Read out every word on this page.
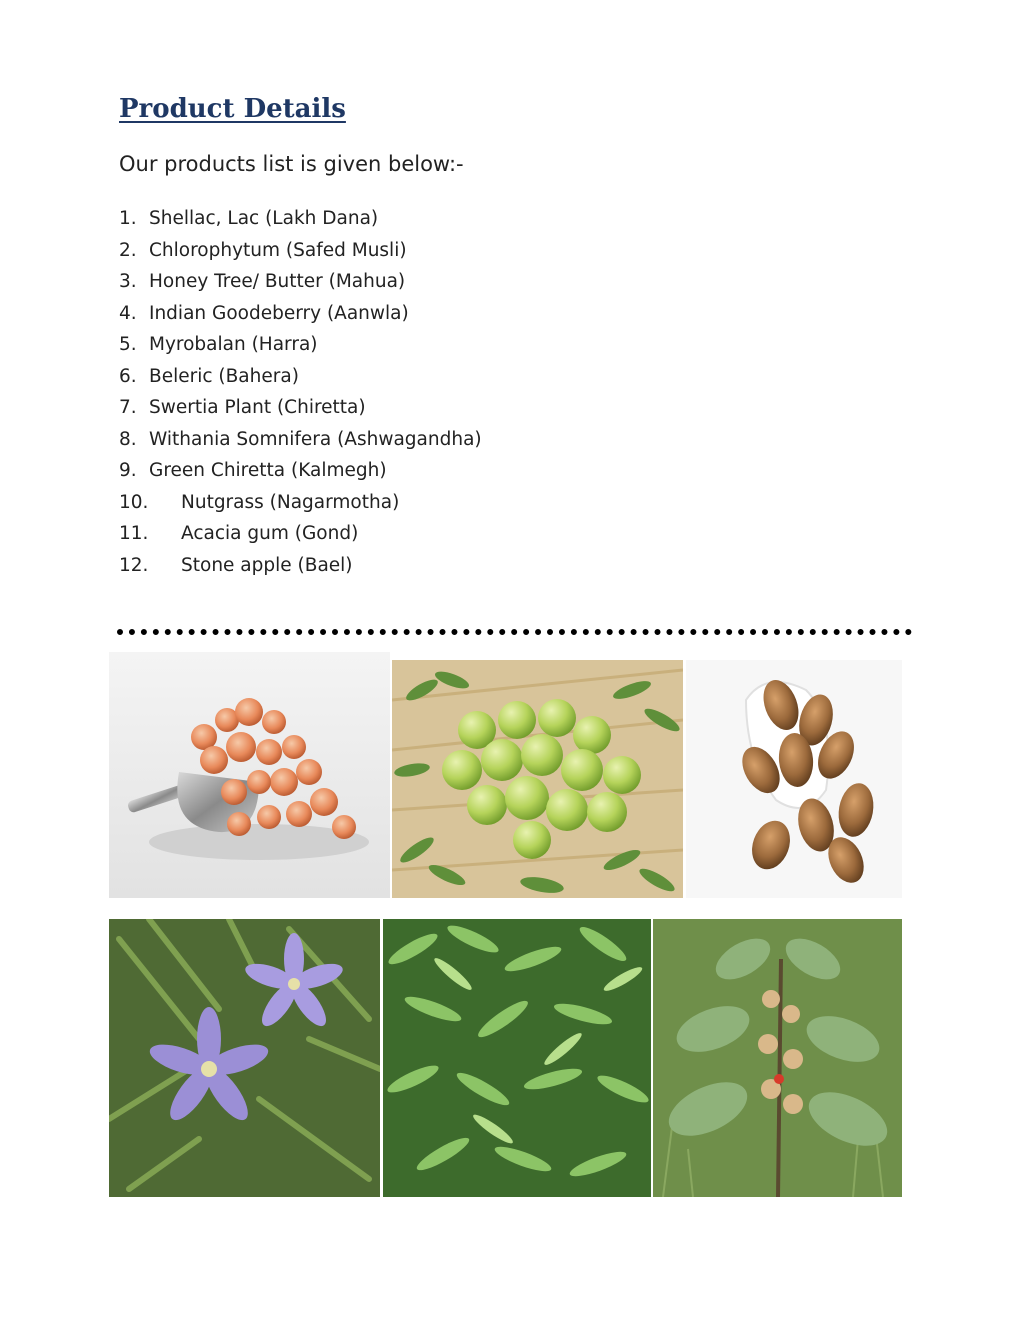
Product Details

Our products list is given below:-

1. Shellac, Lac (Lakh Dana)
2. Chlorophytum (Safed Musli)
3. Honey Tree/ Butter (Mahua)
4. Indian Goodeberry (Aanwla)
5. Myrobalan (Harra)
6. Beleric (Bahera)
7. Swertia Plant (Chiretta)
8. Withania Somnifera (Ashwagandha)
9. Green Chiretta (Kalmegh)
10.	Nutgrass (Nagarmotha)
11.	Acacia gum (Gond)
12.	Stone apple (Bael)
